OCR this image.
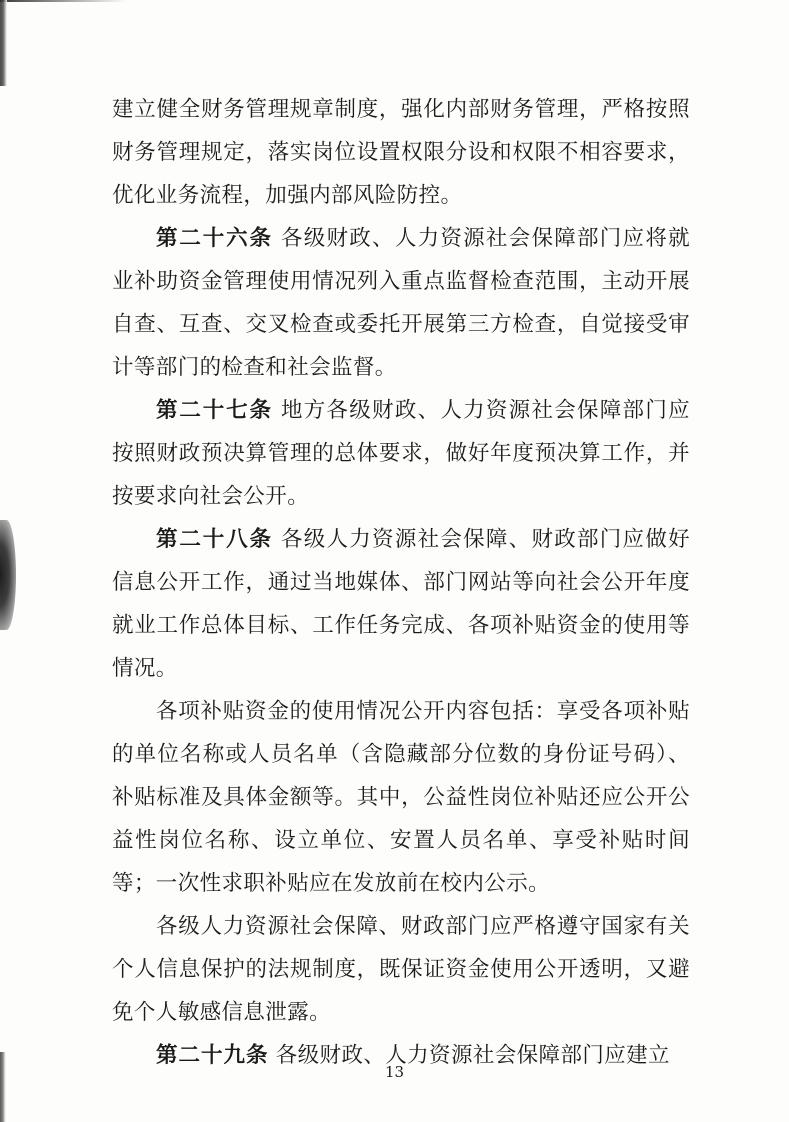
建立健全财务管理规章制度，强化内部财务管理，严格按照财务管理规定，落实岗位设置权限分设和权限不相容要求，优化业务流程，加强内部风险防控。

第二十六条 各级财政、人力资源社会保障部门应将就业补助资金管理使用情况列入重点监督检查范围，主动开展自查、互查、交叉检查或委托开展第三方检查，自觉接受审计等部门的检查和社会监督。

第二十七条 地方各级财政、人力资源社会保障部门应按照财政预决算管理的总体要求，做好年度预决算工作，并按要求向社会公开。

第二十八条 各级人力资源社会保障、财政部门应做好信息公开工作，通过当地媒体、部门网站等向社会公开年度就业工作总体目标、工作任务完成、各项补贴资金的使用等情况。

各项补贴资金的使用情况公开内容包括：享受各项补贴的单位名称或人员名单（含隐藏部分位数的身份证号码）、补贴标准及具体金额等。其中，公益性岗位补贴还应公开公益性岗位名称、设立单位、安置人员名单、享受补贴时间等；一次性求职补贴应在发放前在校内公示。

各级人力资源社会保障、财政部门应严格遵守国家有关个人信息保护的法规制度，既保证资金使用公开透明，又避免个人敏感信息泄露。

第二十九条 各级财政、人力资源社会保障部门应建立

13
